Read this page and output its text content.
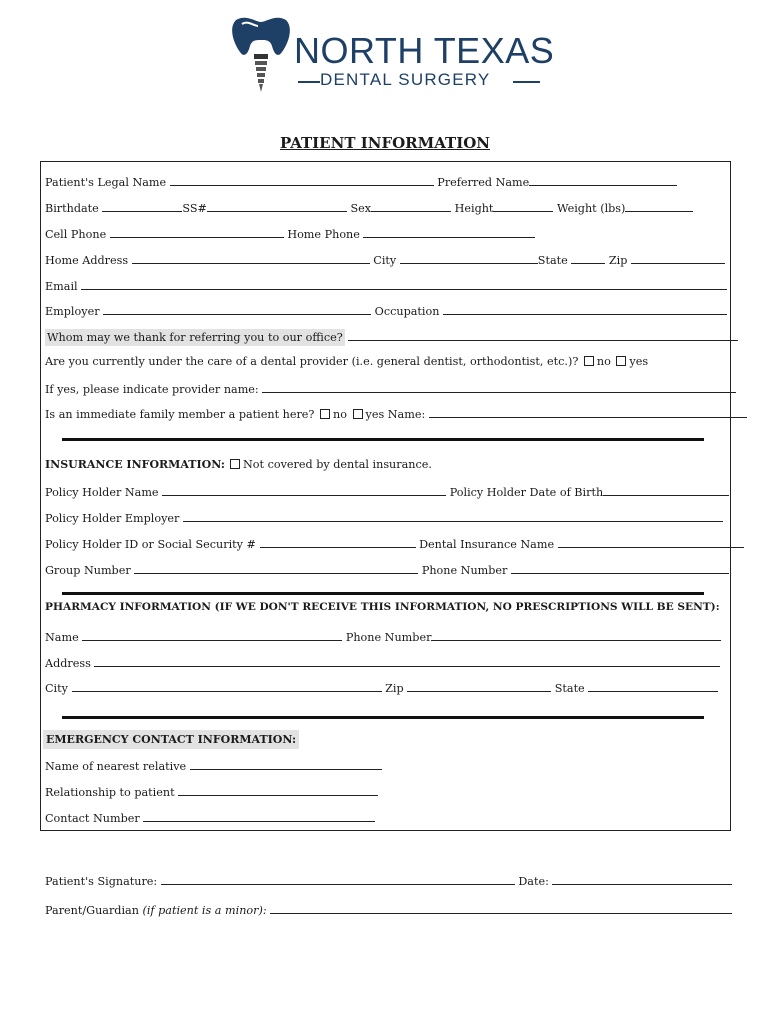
NORTH TEXAS
DENTAL SURGERY
PATIENT INFORMATION
Patient's Legal Name	Preferred Name
Birthdate	SS#	Sex	Height	Weight (lbs)
Cell Phone	Home Phone
Home Address	City	State	Zip
Email
Employer	Occupation
Whom may we thank for referring you to our office?
Are you currently under the care of a dental provider (i.e. general dentist, orthodontist, etc.)? no yes
If yes, please indicate provider name:
Is an immediate family member a patient here? no yes Name:
INSURANCE INFORMATION:	Not covered by dental insurance.
Policy Holder Name	Policy Holder Date of Birth
Policy Holder Employer
Policy Holder ID or Social Security #	Dental Insurance Name
Group Number	Phone Number
PHARMACY INFORMATION (IF WE DON'T RECEIVE THIS INFORMATION, NO PRESCRIPTIONS WILL BE SENT):
Name	Phone Number
Address
City	Zip	State
EMERGENCY CONTACT INFORMATION:
Name of nearest relative
Relationship to patient
Contact Number
Patient's Signature:	Date:
Parent/Guardian (if patient is a minor):
